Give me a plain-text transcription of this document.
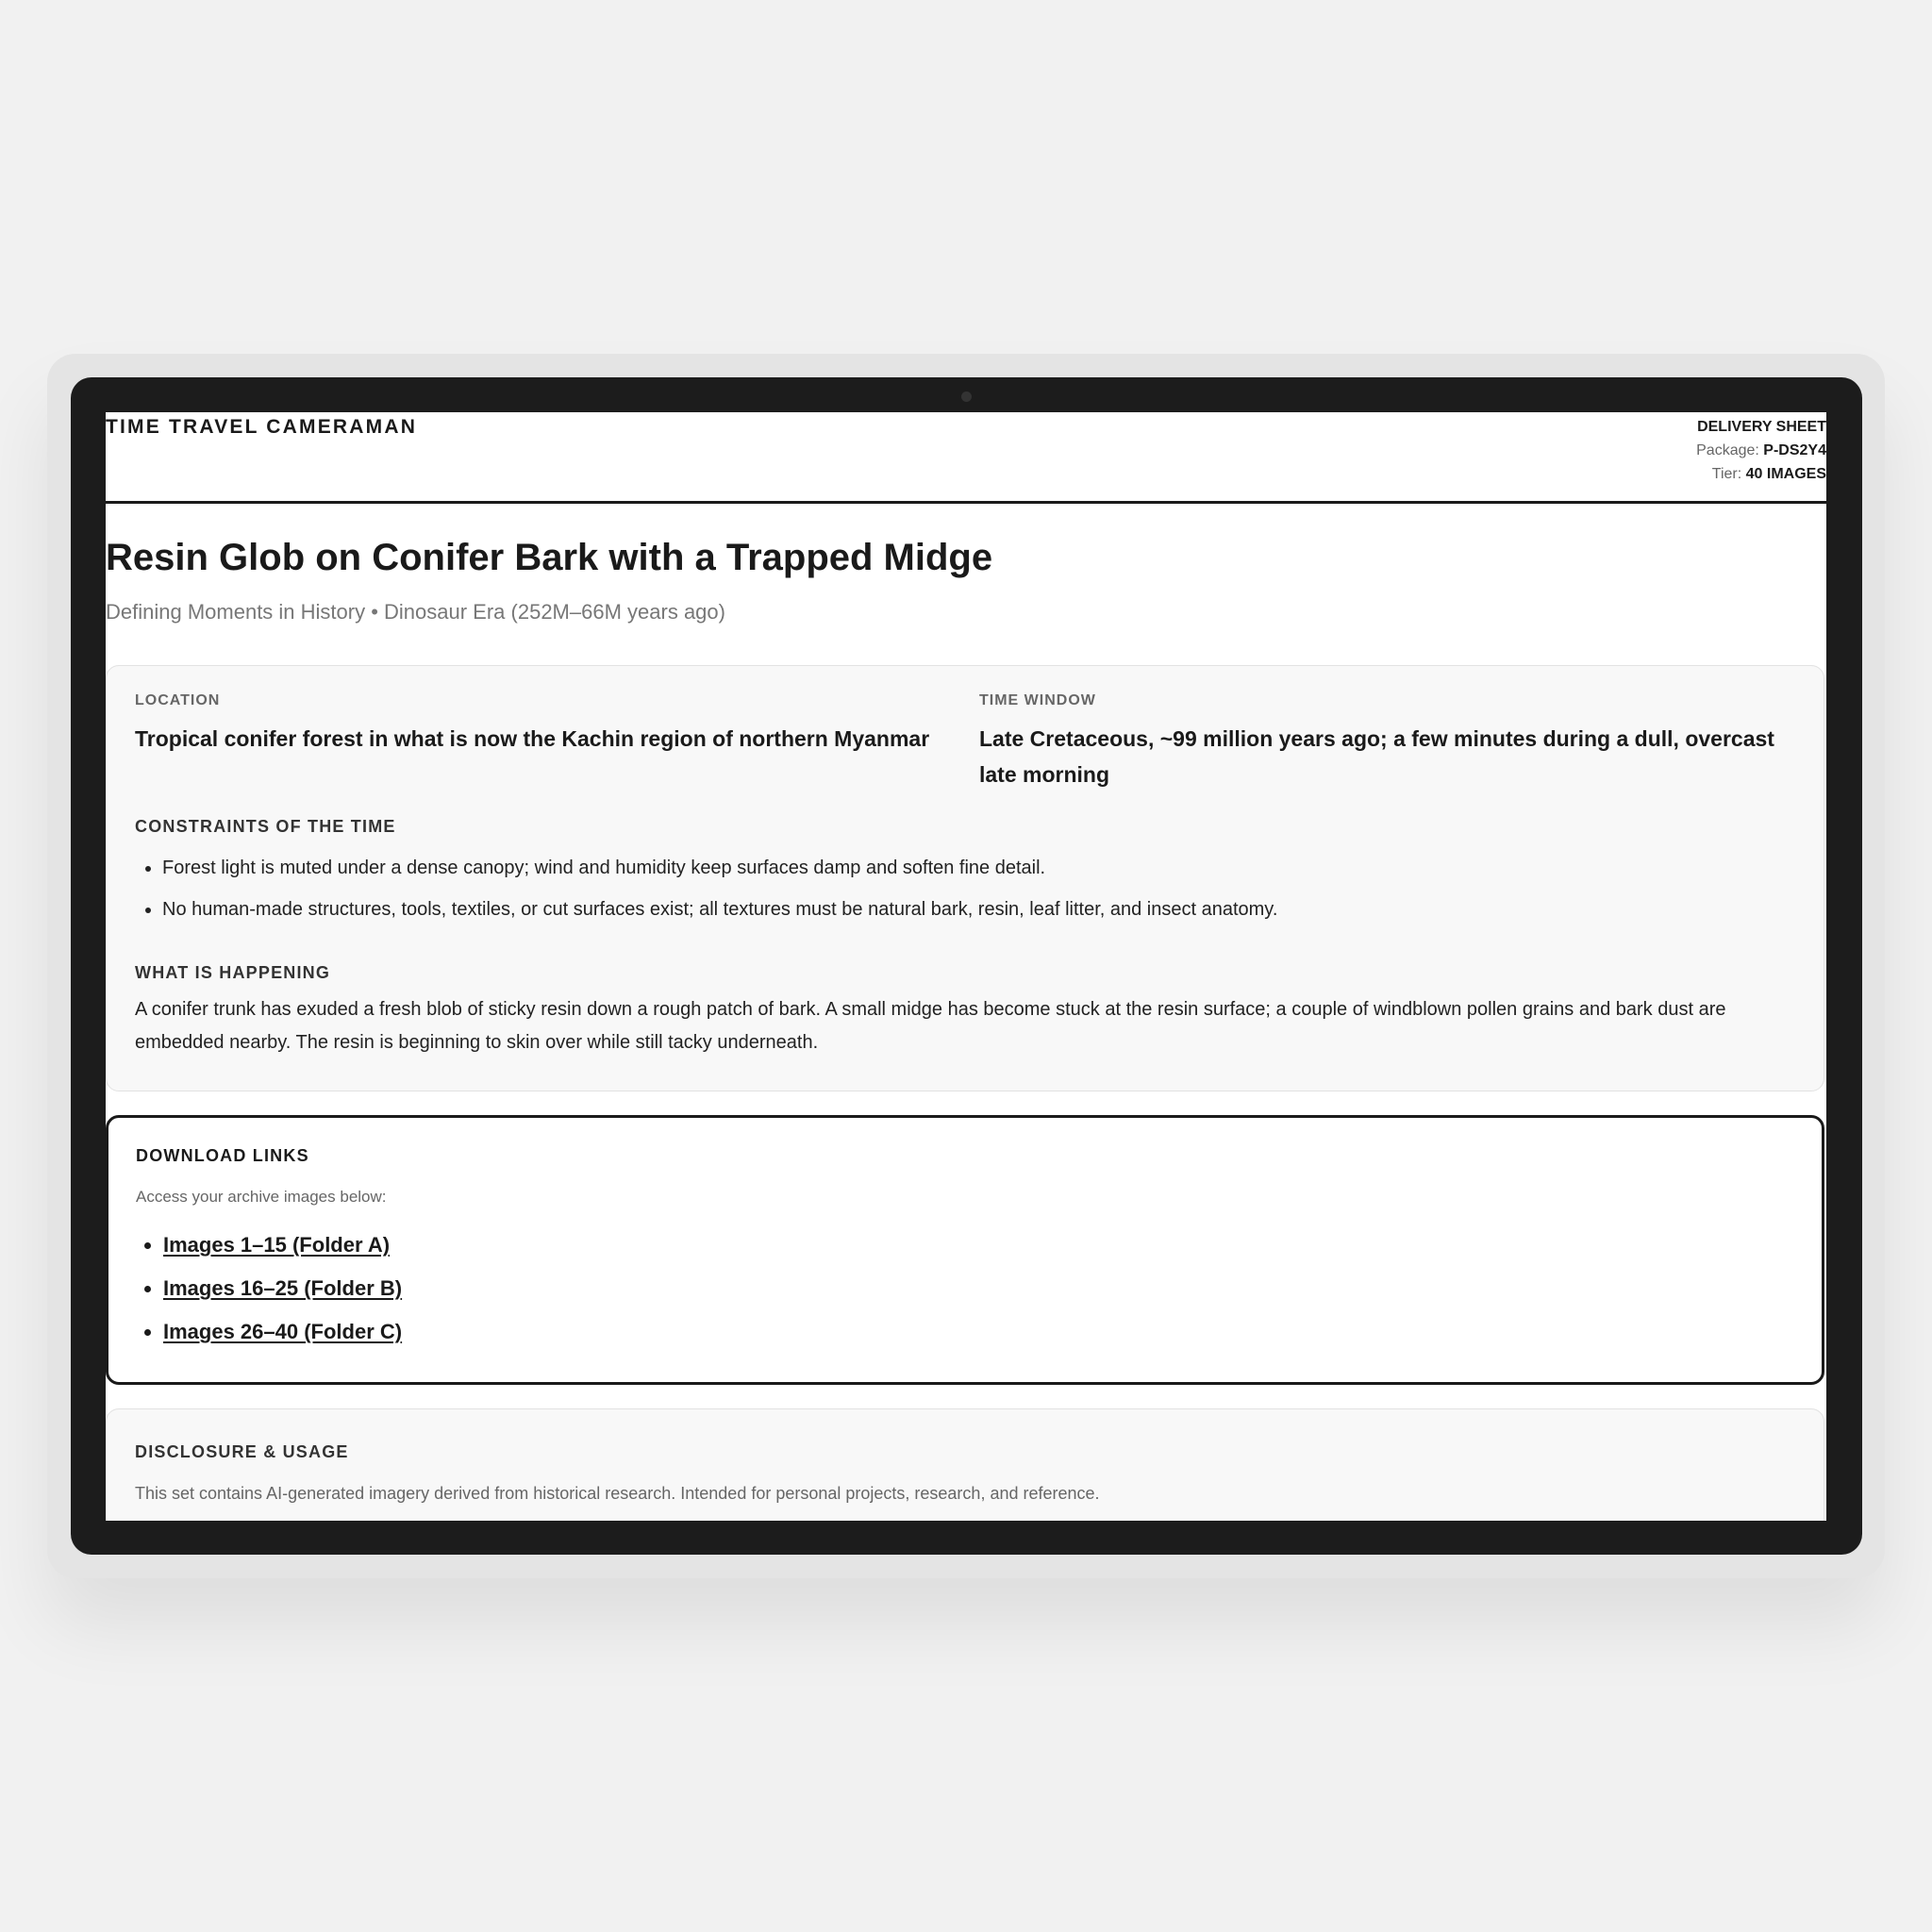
TIME TRAVEL CAMERAMAN	DELIVERY SHEET
Package: P-DS2Y4
Tier: 40 IMAGES
Resin Glob on Conifer Bark with a Trapped Midge
Defining Moments in History • Dinosaur Era (252M–66M years ago)
LOCATION
Tropical conifer forest in what is now the Kachin region of northern Myanmar
TIME WINDOW
Late Cretaceous, ~99 million years ago; a few minutes during a dull, overcast late morning
CONSTRAINTS OF THE TIME
• Forest light is muted under a dense canopy; wind and humidity keep surfaces damp and soften fine detail.
• No human-made structures, tools, textiles, or cut surfaces exist; all textures must be natural bark, resin, leaf litter, and insect anatomy.
WHAT IS HAPPENING

A conifer trunk has exuded a fresh blob of sticky resin down a rough patch of bark. A small midge has become stuck at the resin surface; a couple of windblown pollen grains and bark dust are embedded nearby. The resin is beginning to skin over while still tacky underneath.

DOWNLOAD LINKS
Access your archive images below:
• Images 1–15 (Folder A)
• Images 16–25 (Folder B)
• Images 26–40 (Folder C)
DISCLOSURE & USAGE
This set contains AI-generated imagery derived from historical research. Intended for personal projects, research, and reference.
